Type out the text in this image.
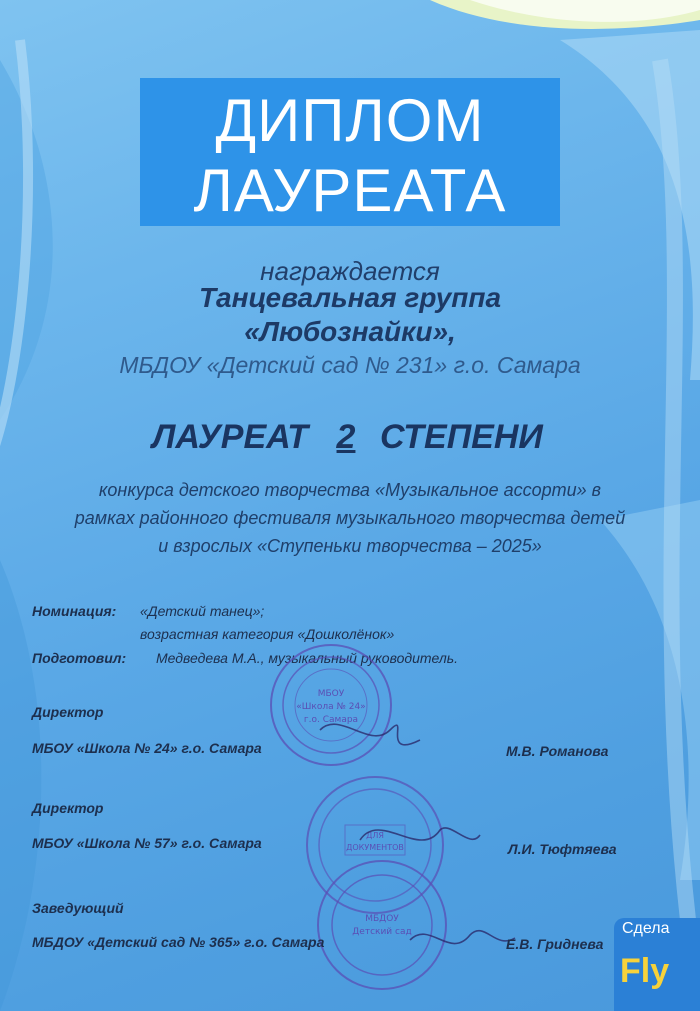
ДИПЛОМ
ЛАУРЕАТА
награждается
Танцевальная группа
«Любознайки»,
МБДОУ «Детский сад № 231» г.о. Самара
ЛАУРЕАТ 2 СТЕПЕНИ
конкурса детского творчества «Музыкальное ассорти» в
рамках районного фестиваля музыкального творчества детей
и взрослых «Ступеньки творчества – 2025»
Номинация: «Детский танец»;
возрастная категория «Дошколёнок»
Подготовил: Медведева М.А., музыкальный руководитель.
МБОУ
«Школа № 24»
г.о. Самара
ДЛЯ
ДОКУМЕНТОВ
МБДОУ
Детский сад
Директор
МБОУ «Школа № 24» г.о. Самара	М.В. Романова
Директор
МБОУ «Школа № 57» г.о. Самара	Л.И. Тюфтяева
Заведующий
МБДОУ «Детский сад № 365» г.о. Самара	Е.В. Гриднева
Сдела
Fly
